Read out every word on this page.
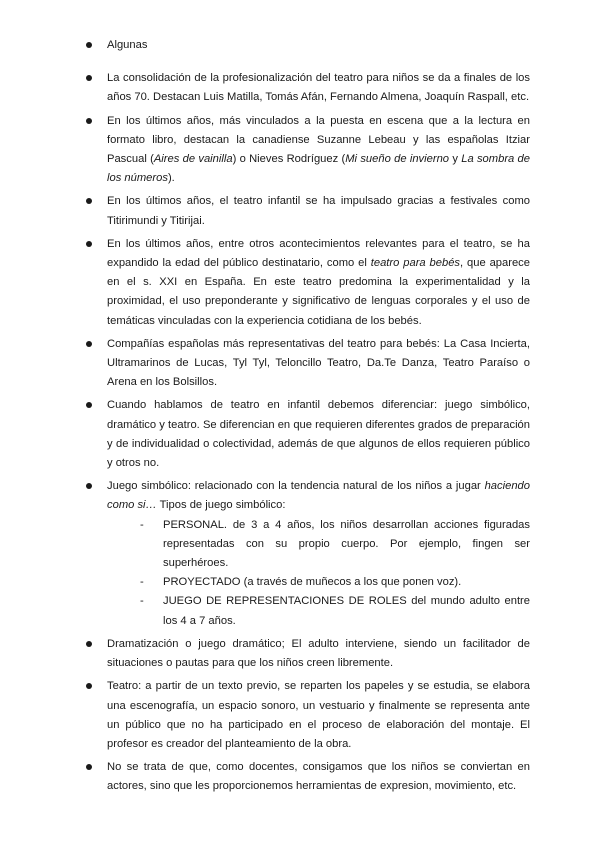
Algunas
La consolidación de la profesionalización del teatro para niños se da a finales de los años 70. Destacan Luis Matilla, Tomás Afán, Fernando Almena, Joaquín Raspall, etc.
En los últimos años, más vinculados a la puesta en escena que a la lectura en formato libro, destacan la canadiense Suzanne Lebeau y las españolas Itziar Pascual (Aires de vainilla) o Nieves Rodríguez (Mi sueño de invierno y La sombra de los números).
En los últimos años, el teatro infantil se ha impulsado gracias a festivales como Titirimundi y Titirijai.
En los últimos años, entre otros acontecimientos relevantes para el teatro, se ha expandido la edad del público destinatario, como el teatro para bebés, que aparece en el s. XXI en España. En este teatro predomina la experimentalidad y la proximidad, el uso preponderante y significativo de lenguas corporales y el uso de temáticas vinculadas con la experiencia cotidiana de los bebés.
Compañías españolas más representativas del teatro para bebés: La Casa Incierta, Ultramarinos de Lucas, Tyl Tyl, Teloncillo Teatro, Da.Te Danza, Teatro Paraíso o Arena en los Bolsillos.
Cuando hablamos de teatro en infantil debemos diferenciar: juego simbólico, dramático y teatro. Se diferencian en que requieren diferentes grados de preparación y de individualidad o colectividad, además de que algunos de ellos requieren público y otros no.
Juego simbólico: relacionado con la tendencia natural de los niños a jugar haciendo como si… Tipos de juego simbólico:
- PERSONAL. de 3 a 4 años, los niños desarrollan acciones figuradas representadas con su propio cuerpo. Por ejemplo, fingen ser superhéroes.
- PROYECTADO (a través de muñecos a los que ponen voz).
- JUEGO DE REPRESENTACIONES DE ROLES del mundo adulto entre los 4 a 7 años.
Dramatización o juego dramático; El adulto interviene, siendo un facilitador de situaciones o pautas para que los niños creen libremente.
Teatro: a partir de un texto previo, se reparten los papeles y se estudia, se elabora una escenografía, un espacio sonoro, un vestuario y finalmente se representa ante un público que no ha participado en el proceso de elaboración del montaje. El profesor es creador del planteamiento de la obra.
No se trata de que, como docentes, consigamos que los niños se conviertan en actores, sino que les proporcionemos herramientas de expresion, movimiento, etc.
